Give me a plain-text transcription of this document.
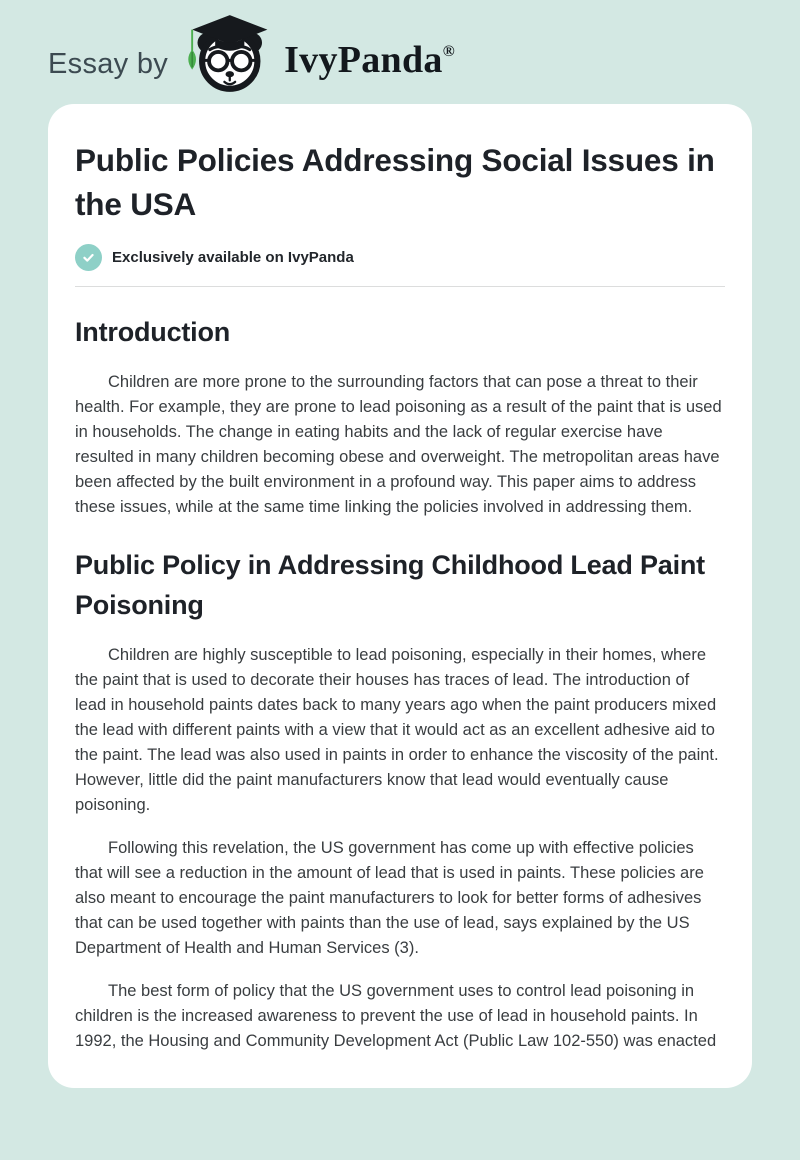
Essay by	IvyPanda®
Public Policies Addressing Social Issues in the USA
Exclusively available on IvyPanda
Introduction

Children are more prone to the surrounding factors that can pose a threat to their health. For example, they are prone to lead poisoning as a result of the paint that is used in households. The change in eating habits and the lack of regular exercise have resulted in many children becoming obese and overweight. The metropolitan areas have been affected by the built environment in a profound way. This paper aims to address these issues, while at the same time linking the policies involved in addressing them.

Public Policy in Addressing Childhood Lead Paint Poisoning

Children are highly susceptible to lead poisoning, especially in their homes, where the paint that is used to decorate their houses has traces of lead. The introduction of lead in household paints dates back to many years ago when the paint producers mixed the lead with different paints with a view that it would act as an excellent adhesive aid to the paint. The lead was also used in paints in order to enhance the viscosity of the paint. However, little did the paint manufacturers know that lead would eventually cause poisoning.

Following this revelation, the US government has come up with effective policies that will see a reduction in the amount of lead that is used in paints. These policies are also meant to encourage the paint manufacturers to look for better forms of adhesives that can be used together with paints than the use of lead, says explained by the US Department of Health and Human Services (3).

The best form of policy that the US government uses to control lead poisoning in children is the increased awareness to prevent the use of lead in household paints. In 1992, the Housing and Community Development Act (Public Law 102-550) was enacted
